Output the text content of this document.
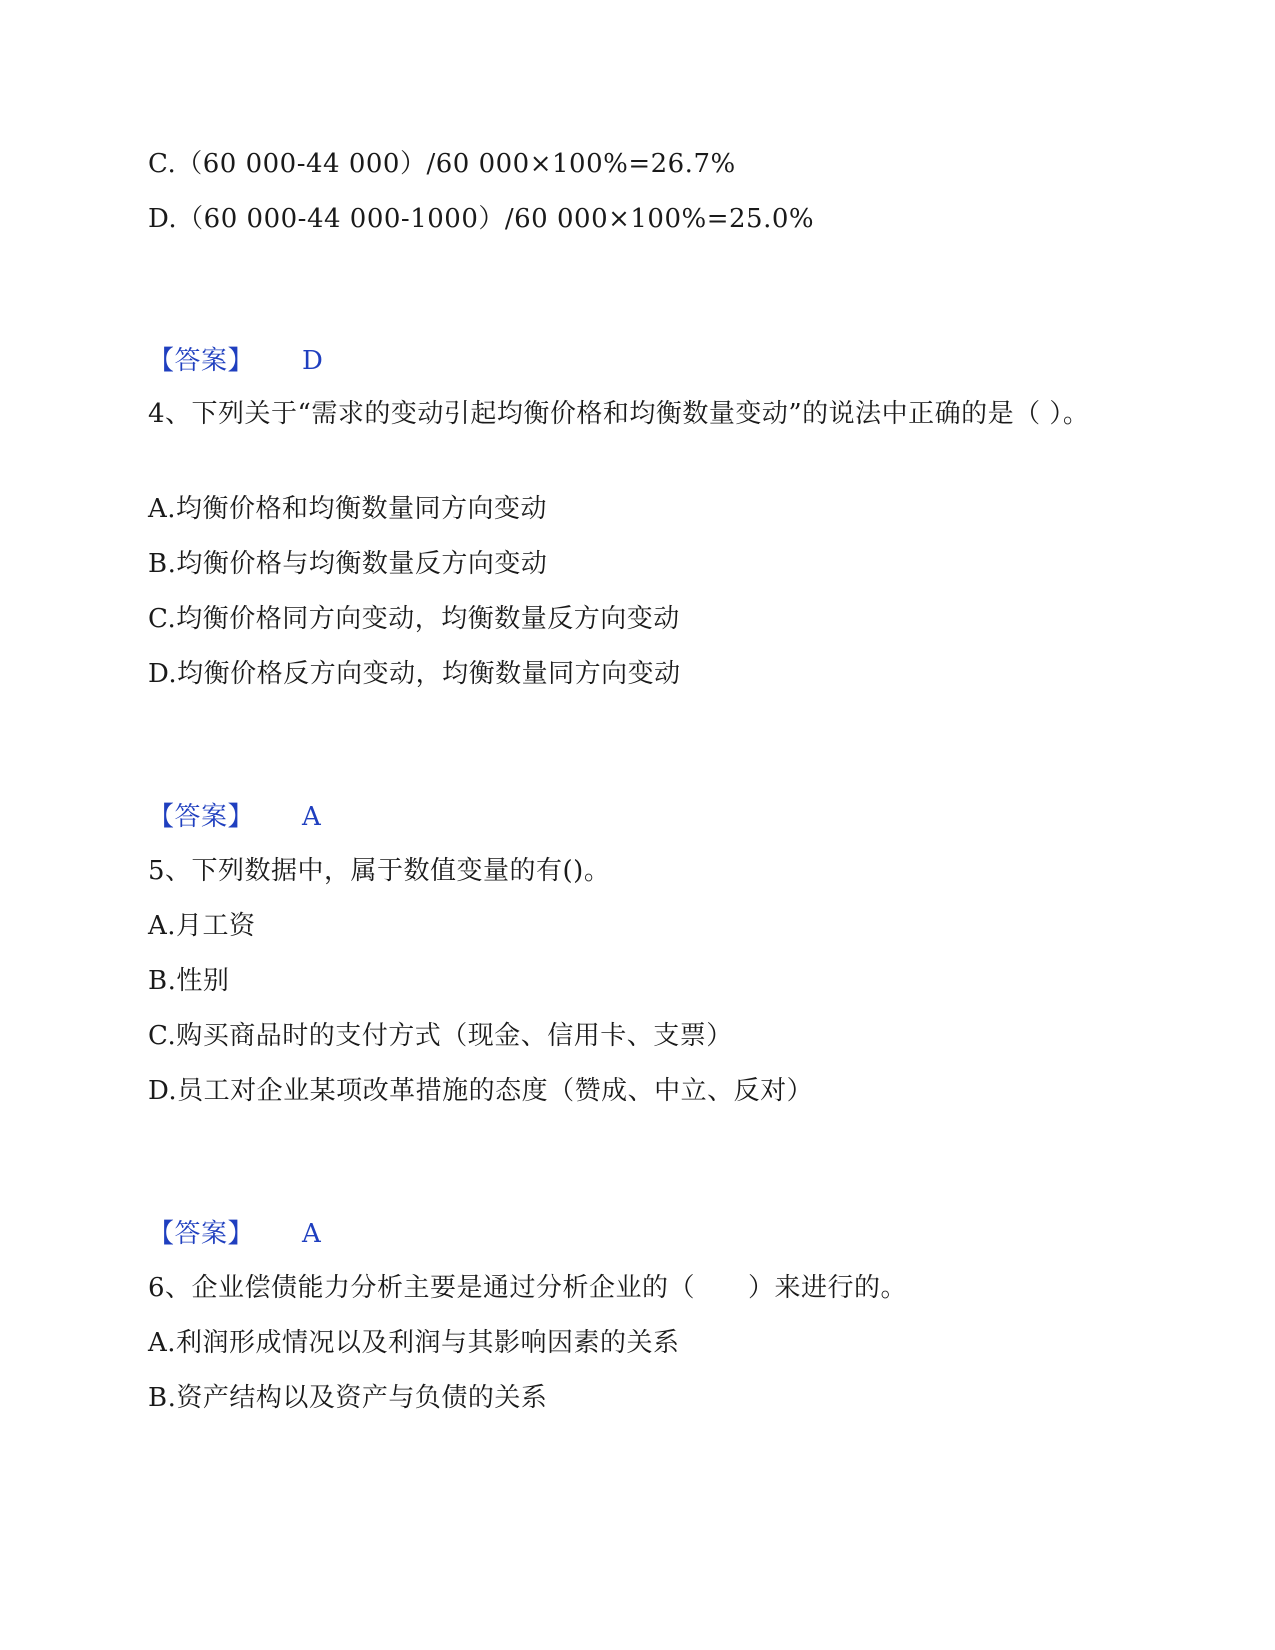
C.（60 000-44 000）/60 000×100%=26.7%
D.（60 000-44 000-1000）/60 000×100%=25.0%
【答案】 D
4、下列关于“需求的变动引起均衡价格和均衡数量变动”的说法中正确的是（ ）。
A.均衡价格和均衡数量同方向变动
B.均衡价格与均衡数量反方向变动
C.均衡价格同方向变动，均衡数量反方向变动
D.均衡价格反方向变动，均衡数量同方向变动
【答案】 A
5、下列数据中，属于数值变量的有()。
A.月工资
B.性别
C.购买商品时的支付方式（现金、信用卡、支票）
D.员工对企业某项改革措施的态度（赞成、中立、反对）
【答案】 A
6、企业偿债能力分析主要是通过分析企业的（　　）来进行的。
A.利润形成情况以及利润与其影响因素的关系
B.资产结构以及资产与负债的关系
